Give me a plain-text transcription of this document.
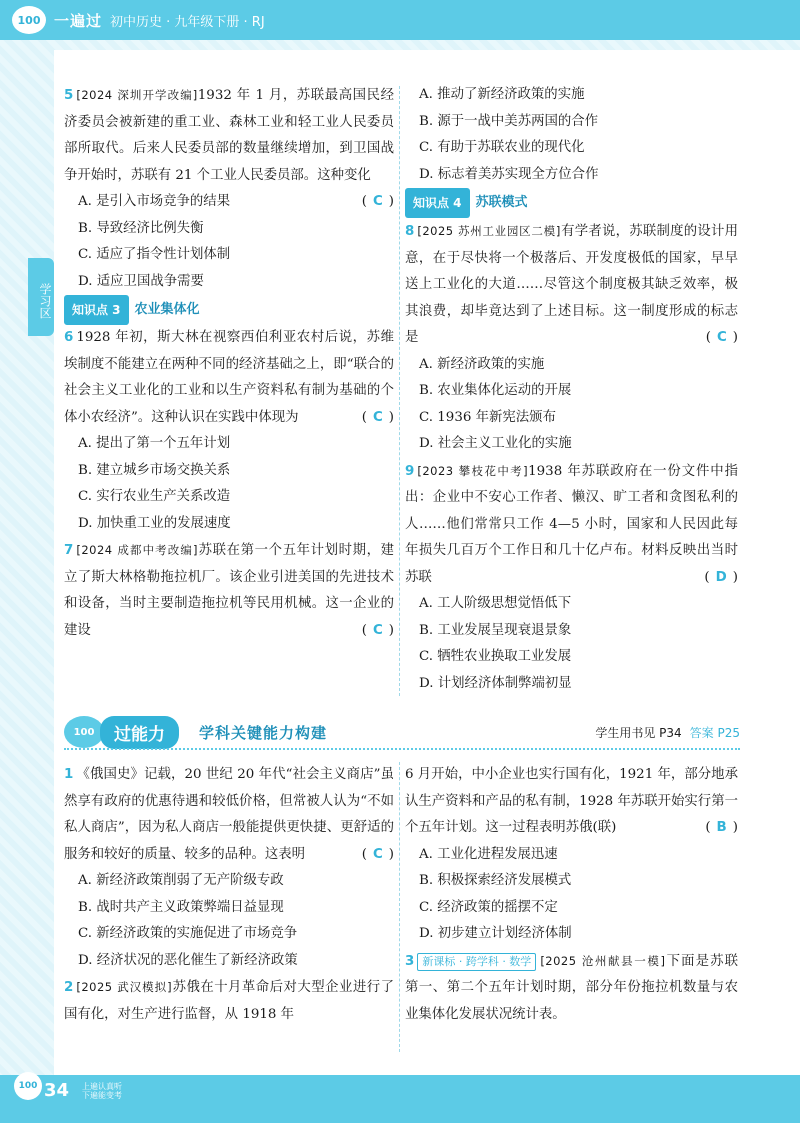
100 一遍过 初中历史 · 九年级下册 · RJ
学习区
5 [2024 深圳开学改编]1932 年 1 月，苏联最高国民经济委员会被新建的重工业、森林工业和轻工业人民委员部所取代。后来人民委员部的数量继续增加，到卫国战争开始时，苏联有 21 个工业人民委员部。这种变化
( C )
A. 是引入市场竞争的结果
B. 导致经济比例失衡
C. 适应了指令性计划体制
D. 适应卫国战争需要
知识点 3	农业集体化
6 1928 年初，斯大林在视察西伯利亚农村后说，苏维埃制度不能建立在两种不同的经济基础之上，即“联合的社会主义工业化的工业和以生产资料私有制为基础的个体小农经济”。这种认识在实践中体现为	( C )
A. 提出了第一个五年计划
B. 建立城乡市场交换关系
C. 实行农业生产关系改造
D. 加快重工业的发展速度
7 [2024 成都中考改编]苏联在第一个五年计划时期，建立了斯大林格勒拖拉机厂。该企业引进美国的先进技术和设备，当时主要制造拖拉机等民用机械。这一企业的建设	( C )
A. 推动了新经济政策的实施
B. 源于一战中美苏两国的合作
C. 有助于苏联农业的现代化
D. 标志着美苏实现全方位合作
知识点 4	苏联模式
8 [2025 苏州工业园区二模]有学者说，苏联制度的设计用意，在于尽快将一个极落后、开发度极低的国家，早早送上工业化的大道……尽管这个制度极其缺乏效率，极其浪费，却毕竟达到了上述目标。这一制度形成的标志是	( C )
A. 新经济政策的实施
B. 农业集体化运动的开展
C. 1936 年新宪法颁布
D. 社会主义工业化的实施
9 [2023 攀枝花中考]1938 年苏联政府在一份文件中指出：企业中不安心工作者、懒汉、旷工者和贪图私利的人……他们常常只工作 4—5 小时，国家和人民因此每年损失几百万个工作日和几十亿卢布。材料反映出当时苏联	( D )
A. 工人阶级思想觉悟低下
B. 工业发展呈现衰退景象
C. 牺牲农业换取工业发展
D. 计划经济体制弊端初显
100	过能力	学科关键能力构建	学生用书见 P34 答案 P25
1 《俄国史》记载，20 世纪 20 年代“社会主义商店”虽然享有政府的优惠待遇和较低价格，但常被人认为“不如私人商店”，因为私人商店一般能提供更快捷、更舒适的服务和较好的质量、较多的品种。这表明	( C )
A. 新经济政策削弱了无产阶级专政
B. 战时共产主义政策弊端日益显现
C. 新经济政策的实施促进了市场竞争
D. 经济状况的恶化催生了新经济政策
2 [2025 武汉模拟]苏俄在十月革命后对大型企业进行了国有化，对生产进行监督，从 1918 年
6 月开始，中小企业也实行国有化，1921 年，部分地承认生产资料和产品的私有制，1928 年苏联开始实行第一个五年计划。这一过程表明苏俄(联)	( B )
A. 工业化进程发展迅速
B. 积极探索经济发展模式
C. 经济政策的摇摆不定
D. 初步建立计划经济体制
3 新课标 · 跨学科 · 数学 [2025 沧州献县一模]下面是苏联第一、第二个五年计划时期，部分年份拖拉机数量与农业集体化发展状况统计表。
100 34 上遍认真听 下遍能变考
